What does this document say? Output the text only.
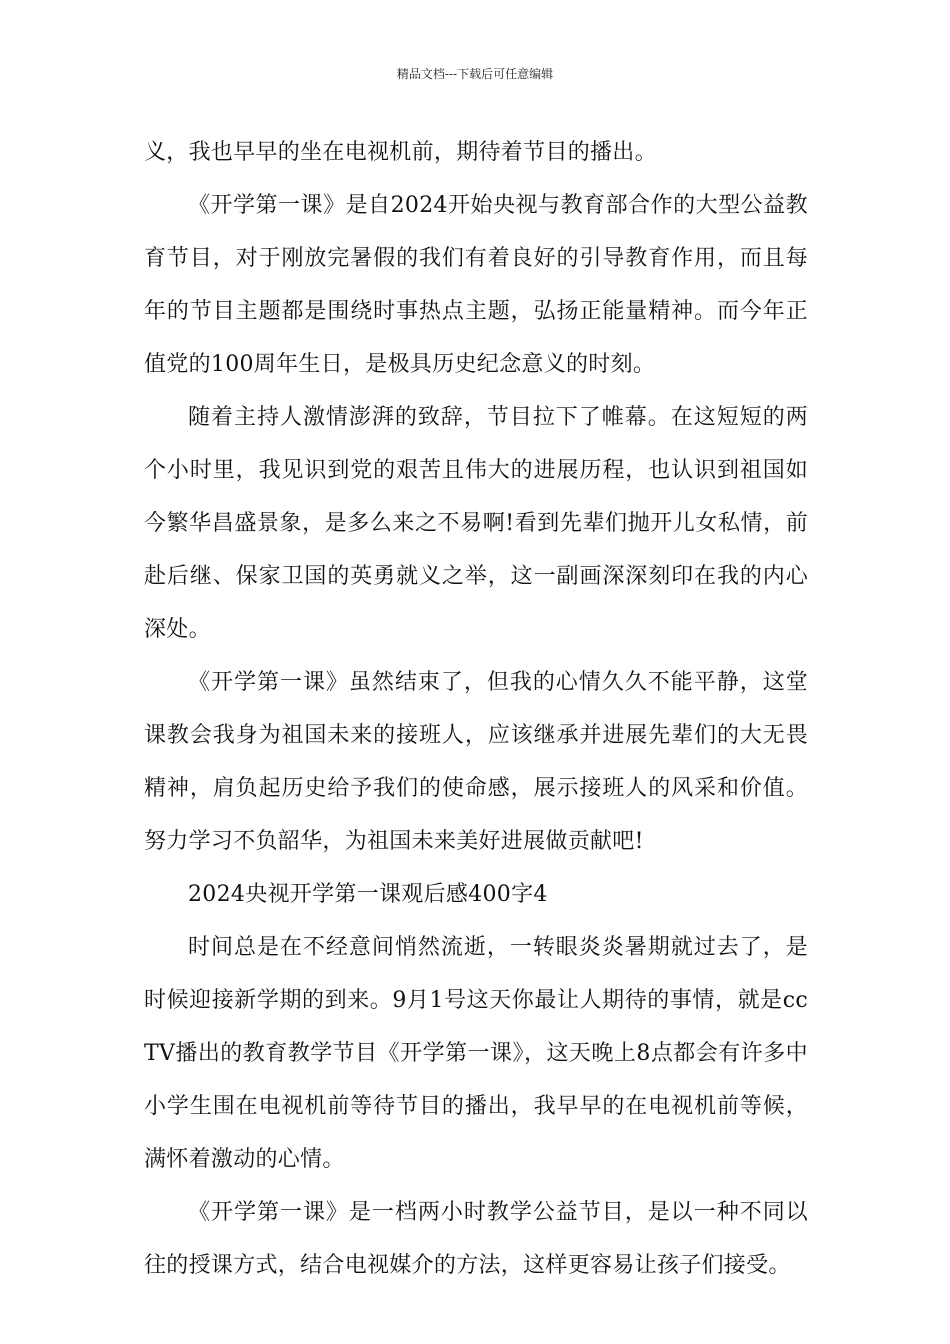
精品文档---下载后可任意编辑

义，我也早早的坐在电视机前，期待着节目的播出。

《开学第一课》是自2024开始央视与教育部合作的大型公益教育节目，对于刚放完暑假的我们有着良好的引导教育作用，而且每年的节目主题都是围绕时事热点主题，弘扬正能量精神。而今年正值党的100周年生日，是极具历史纪念意义的时刻。

随着主持人激情澎湃的致辞，节目拉下了帷幕。在这短短的两个小时里，我见识到党的艰苦且伟大的进展历程，也认识到祖国如今繁华昌盛景象，是多么来之不易啊!看到先辈们抛开儿女私情，前赴后继、保家卫国的英勇就义之举，这一副画深深刻印在我的内心深处。

《开学第一课》虽然结束了，但我的心情久久不能平静，这堂课教会我身为祖国未来的接班人，应该继承并进展先辈们的大无畏精神，肩负起历史给予我们的使命感，展示接班人的风采和价值。努力学习不负韶华，为祖国未来美好进展做贡献吧!

2024央视开学第一课观后感400字4

时间总是在不经意间悄然流逝，一转眼炎炎暑期就过去了，是时候迎接新学期的到来。9月1号这天你最让人期待的事情，就是ccTV播出的教育教学节目《开学第一课》，这天晚上8点都会有许多中小学生围在电视机前等待节目的播出，我早早的在电视机前等候，满怀着激动的心情。

《开学第一课》是一档两小时教学公益节目，是以一种不同以往的授课方式，结合电视媒介的方法，这样更容易让孩子们接受。
